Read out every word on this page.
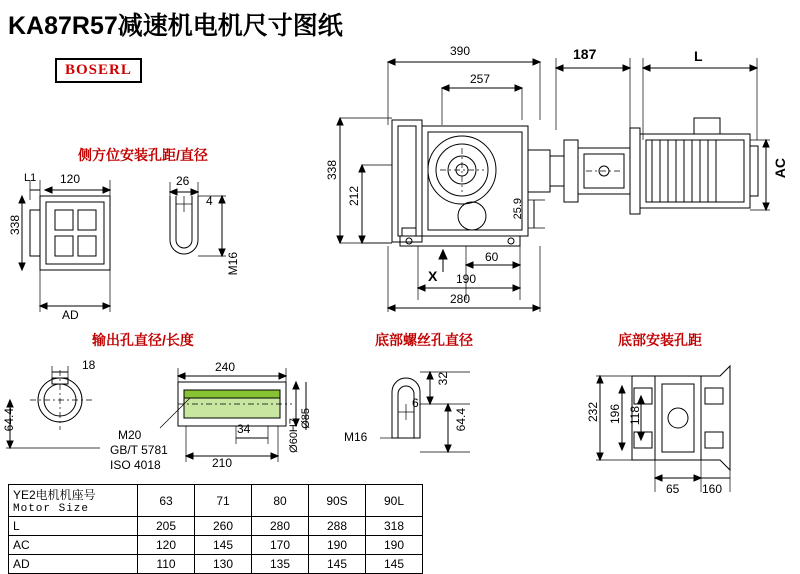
KA87R57减速机电机尺寸图纸
BOSERL
侧方位安装孔距/直径
输出孔直径/长度	底部螺丝孔直径	底部安装孔距
390
257
187	L
338
212
25.9
AC
X
60
190
280
L1 120
338
AD
26
4
M16
18
64.4
240
210
34	Ø60H7 Ø85
M20
GB/T 5781
ISO 4018
32
6
64.4
M16
232 196 118
65 160
YE2电机机座号
Motor Size	63	71	80	90S	90L
L	205	260	280	288	318
AC	120	145	170	190	190
AD	110	130	135	145	145
